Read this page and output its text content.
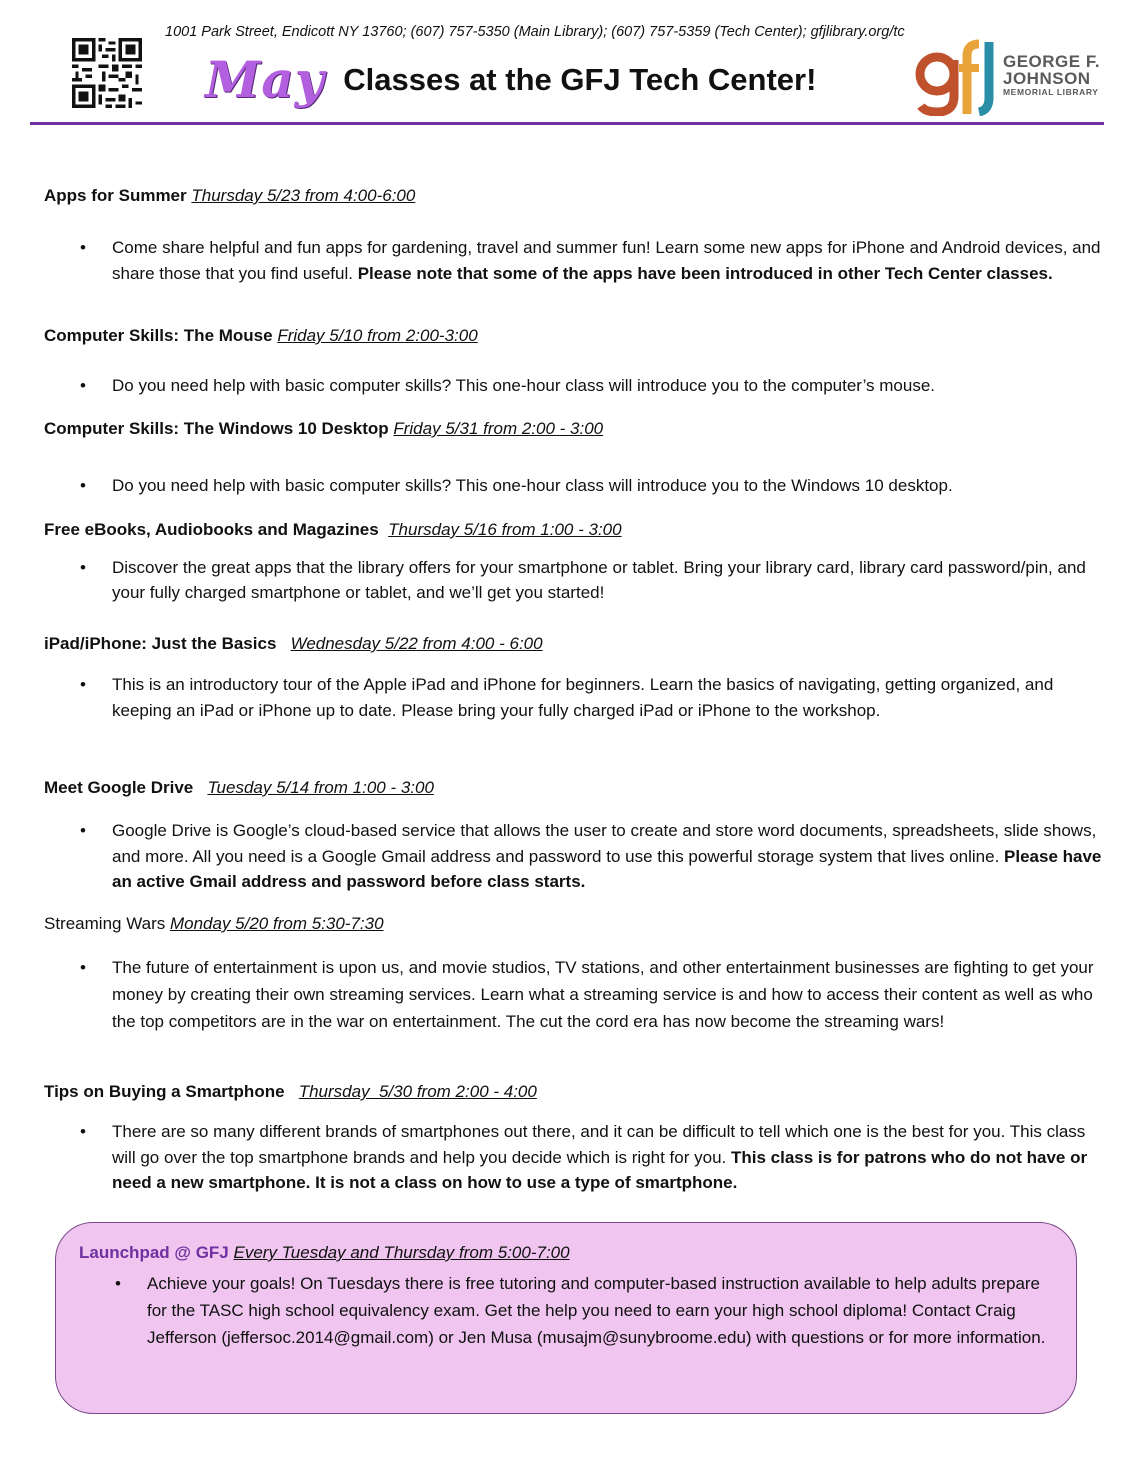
1001 Park Street, Endicott NY 13760; (607) 757-5350 (Main Library); (607) 757-5359 (Tech Center); gfjlibrary.org/tc
May Classes at the GFJ Tech Center!	GEORGE F.
JOHNSON
MEMORIAL LIBRARY
Apps for Summer Thursday 5/23 from 4:00-6:00
• Come share helpful and fun apps for gardening, travel and summer fun! Learn some new apps for iPhone and Android devices, and share those that you find useful. Please note that some of the apps have been introduced in other Tech Center classes.
Computer Skills: The Mouse Friday 5/10 from 2:00-3:00
• Do you need help with basic computer skills? This one-hour class will introduce you to the computer’s mouse.
Computer Skills: The Windows 10 Desktop Friday 5/31 from 2:00 - 3:00
• Do you need help with basic computer skills? This one-hour class will introduce you to the Windows 10 desktop.
Free eBooks, Audiobooks and Magazines Thursday 5/16 from 1:00 - 3:00
• Discover the great apps that the library offers for your smartphone or tablet. Bring your library card, library card password/pin, and your fully charged smartphone or tablet, and we’ll get you started!
iPad/iPhone: Just the Basics Wednesday 5/22 from 4:00 - 6:00
• This is an introductory tour of the Apple iPad and iPhone for beginners. Learn the basics of navigating, getting organized, and keeping an iPad or iPhone up to date. Please bring your fully charged iPad or iPhone to the workshop.
Meet Google Drive Tuesday 5/14 from 1:00 - 3:00
• Google Drive is Google’s cloud-based service that allows the user to create and store word documents, spreadsheets, slide shows, and more. All you need is a Google Gmail address and password to use this powerful storage system that lives online. Please have an active Gmail address and password before class starts.
Streaming Wars Monday 5/20 from 5:30-7:30
• The future of entertainment is upon us, and movie studios, TV stations, and other entertainment businesses are fighting to get your money by creating their own streaming services. Learn what a streaming service is and how to access their content as well as who the top competitors are in the war on entertainment. The cut the cord era has now become the streaming wars!
Tips on Buying a Smartphone Thursday  5/30 from 2:00 - 4:00
• There are so many different brands of smartphones out there, and it can be difficult to tell which one is the best for you. This class will go over the top smartphone brands and help you decide which is right for you. This class is for patrons who do not have or need a new smartphone. It is not a class on how to use a type of smartphone.
Launchpad @ GFJ Every Tuesday and Thursday from 5:00-7:00
• Achieve your goals! On Tuesdays there is free tutoring and computer-based instruction available to help adults prepare for the TASC high school equivalency exam. Get the help you need to earn your high school diploma! Contact Craig Jefferson (jeffersoc.2014@gmail.com) or Jen Musa (musajm@sunybroome.edu) with questions or for more information.
